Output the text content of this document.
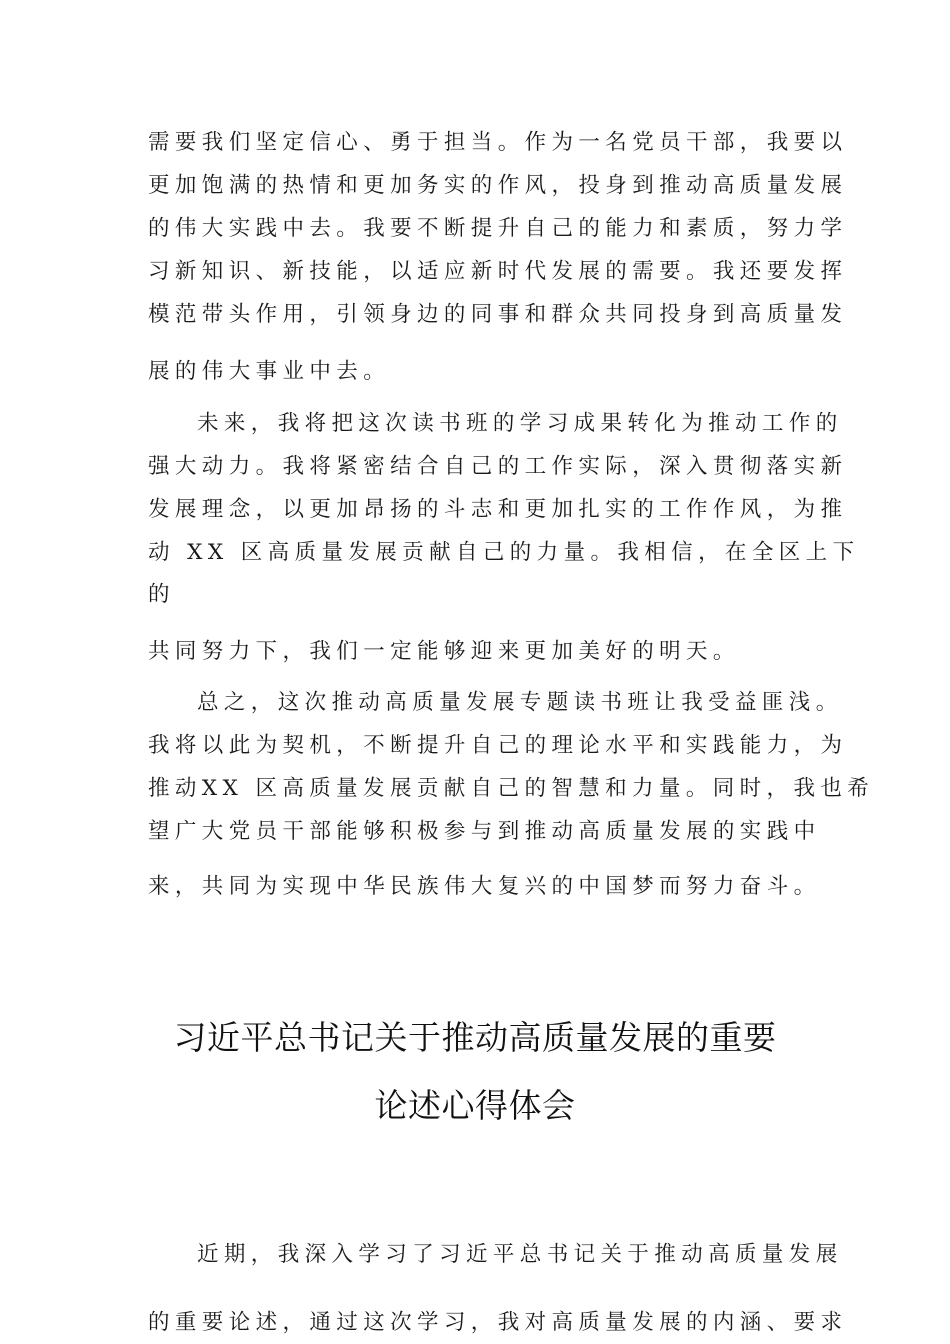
需要我们坚定信心、勇于担当。作为一名党员干部，我要以
更加饱满的热情和更加务实的作风，投身到推动高质量发展
的伟大实践中去。我要不断提升自己的能力和素质，努力学
习新知识、新技能，以适应新时代发展的需要。我还要发挥
模范带头作用，引领身边的同事和群众共同投身到高质量发
展的伟大事业中去。
未来，我将把这次读书班的学习成果转化为推动工作的
强大动力。我将紧密结合自己的工作实际，深入贯彻落实新
发展理念，以更加昂扬的斗志和更加扎实的工作作风，为推
动 XX 区高质量发展贡献自己的力量。我相信，在全区上下
的
共同努力下，我们一定能够迎来更加美好的明天。
总之，这次推动高质量发展专题读书班让我受益匪浅。
我将以此为契机，不断提升自己的理论水平和实践能力，为
推动XX 区高质量发展贡献自己的智慧和力量。同时，我也希
望广大党员干部能够积极参与到推动高质量发展的实践中
来，共同为实现中华民族伟大复兴的中国梦而努力奋斗。
习近平总书记关于推动高质量发展的重要
论述心得体会
近期，我深入学习了习近平总书记关于推动高质量发展
的重要论述，通过这次学习，我对高质量发展的内涵、要求
